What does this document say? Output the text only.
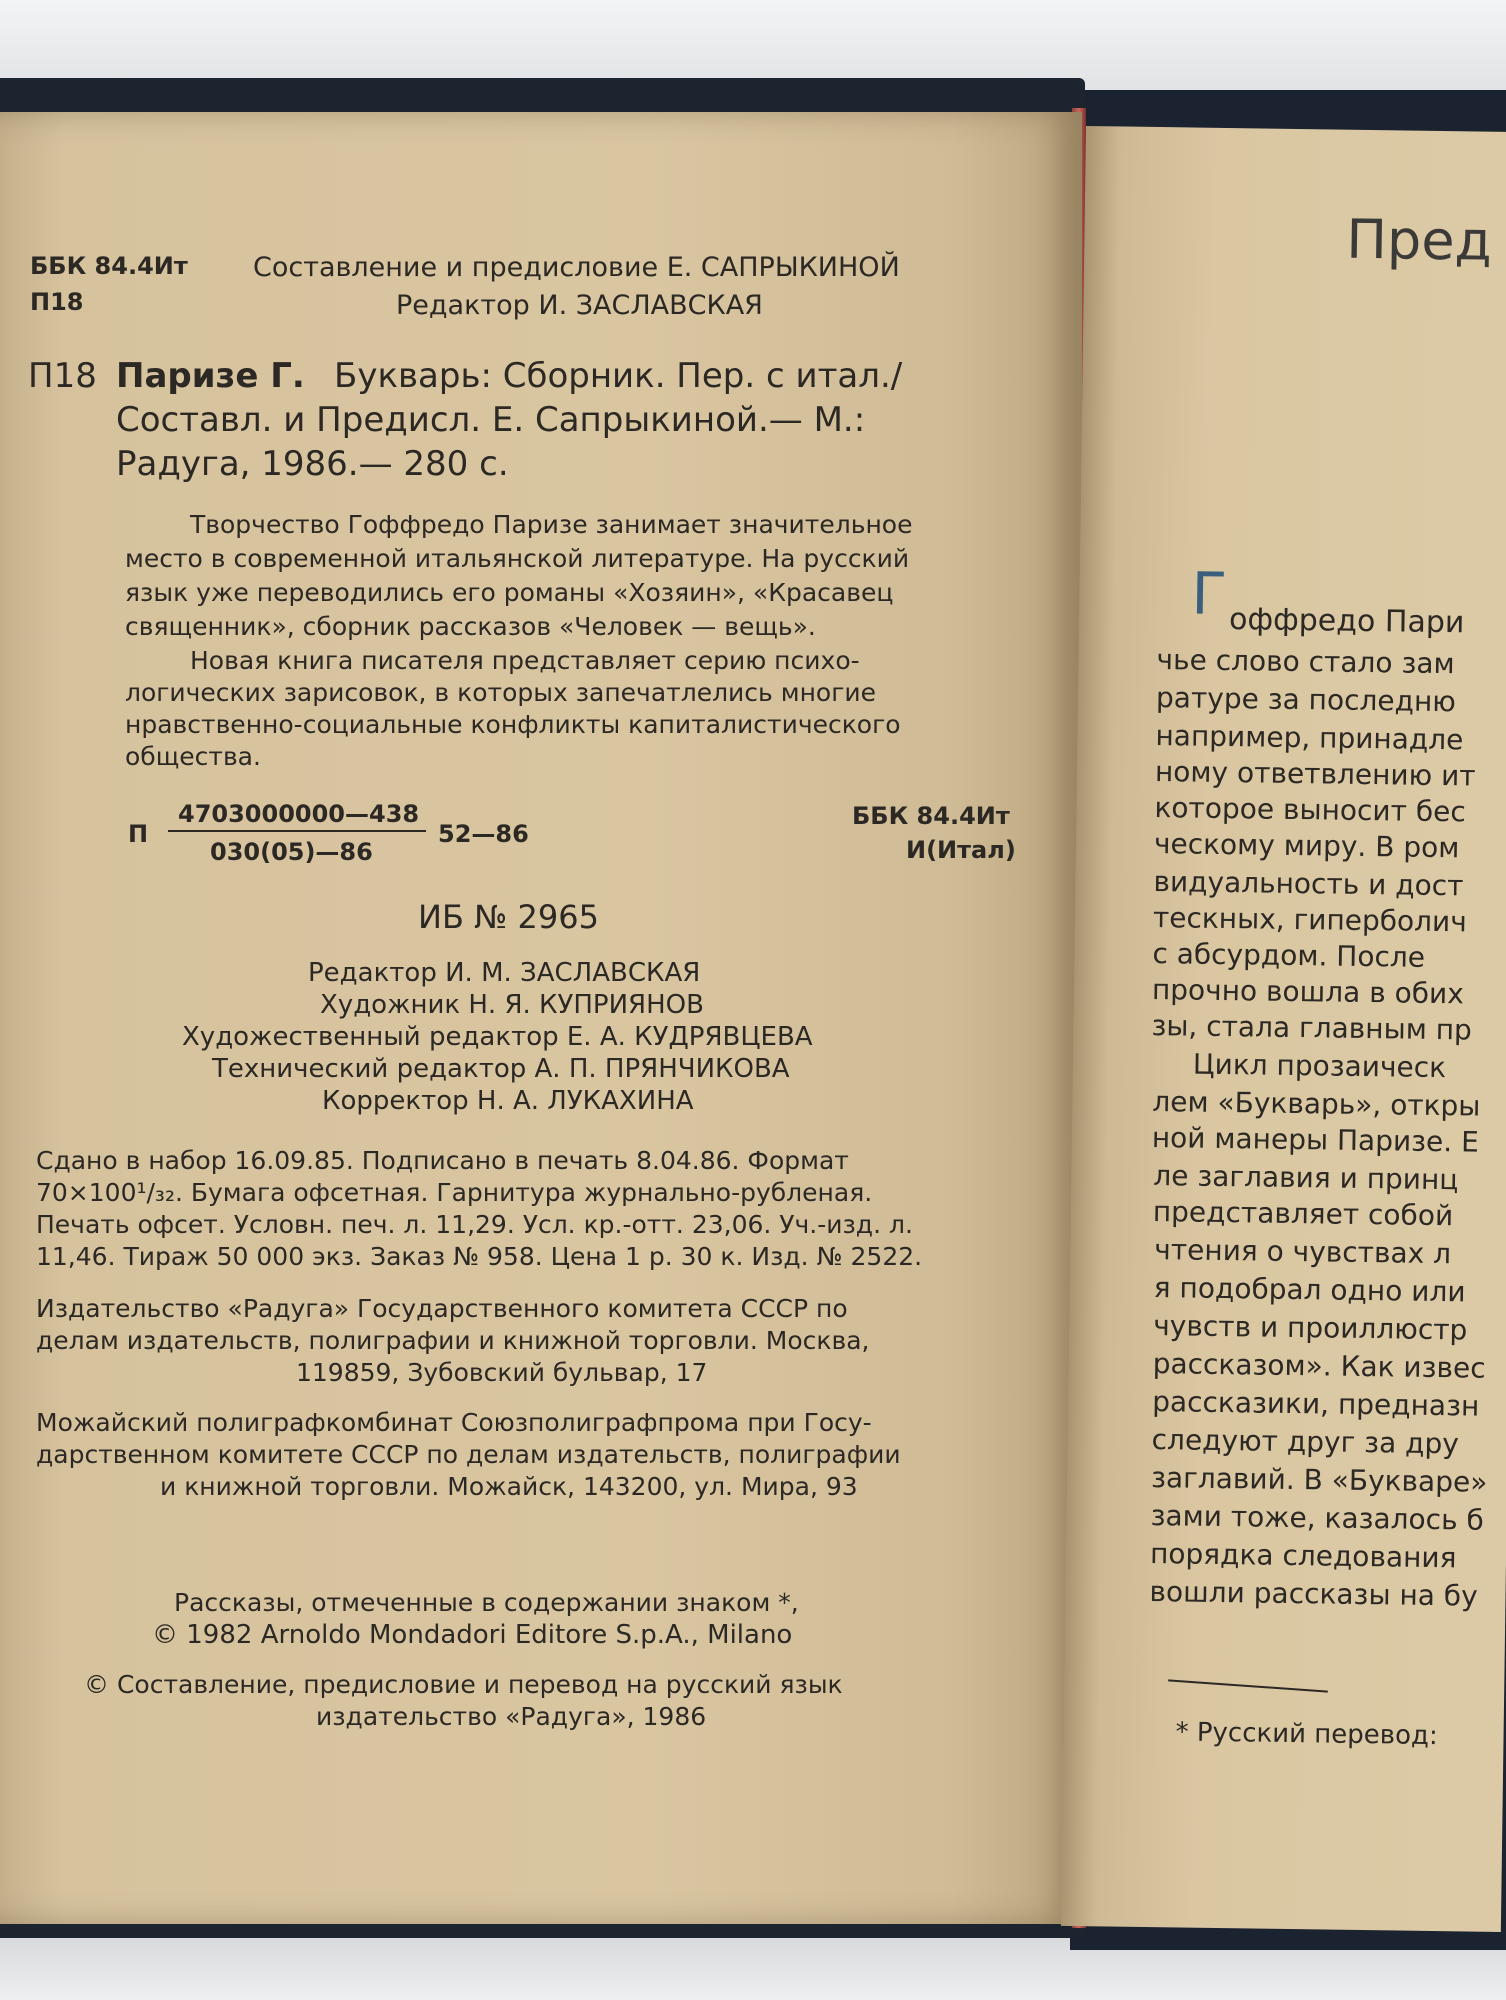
ББК 84.4Ит
П18
Составление и предисловие Е. САПРЫКИНОЙ
Редактор И. ЗАСЛАВСКАЯ
П18 Паризе Г. Букварь: Сборник. Пер. с итал./
Составл. и Предисл. Е. Сапрыкиной.— М.:
Радуга, 1986.— 280 с.
Творчество Гоффредо Паризе занимает значительное
место в современной итальянской литературе. На русский
язык уже переводились его романы «Хозяин», «Красавец
священник», сборник рассказов «Человек — вещь».
Новая книга писателя представляет серию психо-
логических зарисовок, в которых запечатлелись многие
нравственно-социальные конфликты капиталистического
общества.
П
4703000000—438
030(05)—86
52—86
ББК 84.4Ит
И(Итал)
ИБ № 2965
Редактор И. М. ЗАСЛАВСКАЯ
Художник Н. Я. КУПРИЯНОВ
Художественный редактор Е. А. КУДРЯВЦЕВА
Технический редактор А. П. ПРЯНЧИКОВА
Корректор Н. А. ЛУКАХИНА
Сдано в набор 16.09.85. Подписано в печать 8.04.86. Формат
70×100¹/₃₂. Бумага офсетная. Гарнитура журнально-рубленая.
Печать офсет. Условн. печ. л. 11,29. Усл. кр.-отт. 23,06. Уч.-изд. л.
11,46. Тираж 50 000 экз. Заказ № 958. Цена 1 р. 30 к. Изд. № 2522.
Издательство «Радуга» Государственного комитета СССР по
делам издательств, полиграфии и книжной торговли. Москва,
119859, Зубовский бульвар, 17
Можайский полиграфкомбинат Союзполиграфпрома при Госу-
дарственном комитете СССР по делам издательств, полиграфии
и книжной торговли. Можайск, 143200, ул. Мира, 93
Рассказы, отмеченные в содержании знаком *,
© 1982 Arnoldo Mondadori Editore S.p.A., Milano
© Составление, предисловие и перевод на русский язык
издательство «Радуга», 1986
Пред
Г оффредо Пари
чье слово стало зам
ратуре за последню
например, принадле
ному ответвлению ит
которое выносит бес
ческому миру. В ром
видуальность и дост
тескных, гиперболич
с абсурдом. После
прочно вошла в обих
зы, стала главным пр
Цикл прозаическ
лем «Букварь», откры
ной манеры Паризе. Е
ле заглавия и принц
представляет собой
чтения о чувствах л
я подобрал одно или
чувств и проиллюстр
рассказом». Как извес
рассказики, предназн
следуют друг за дру
заглавий. В «Букваре»
зами тоже, казалось б
порядка следования
вошли рассказы на бу
* Русский перевод:
